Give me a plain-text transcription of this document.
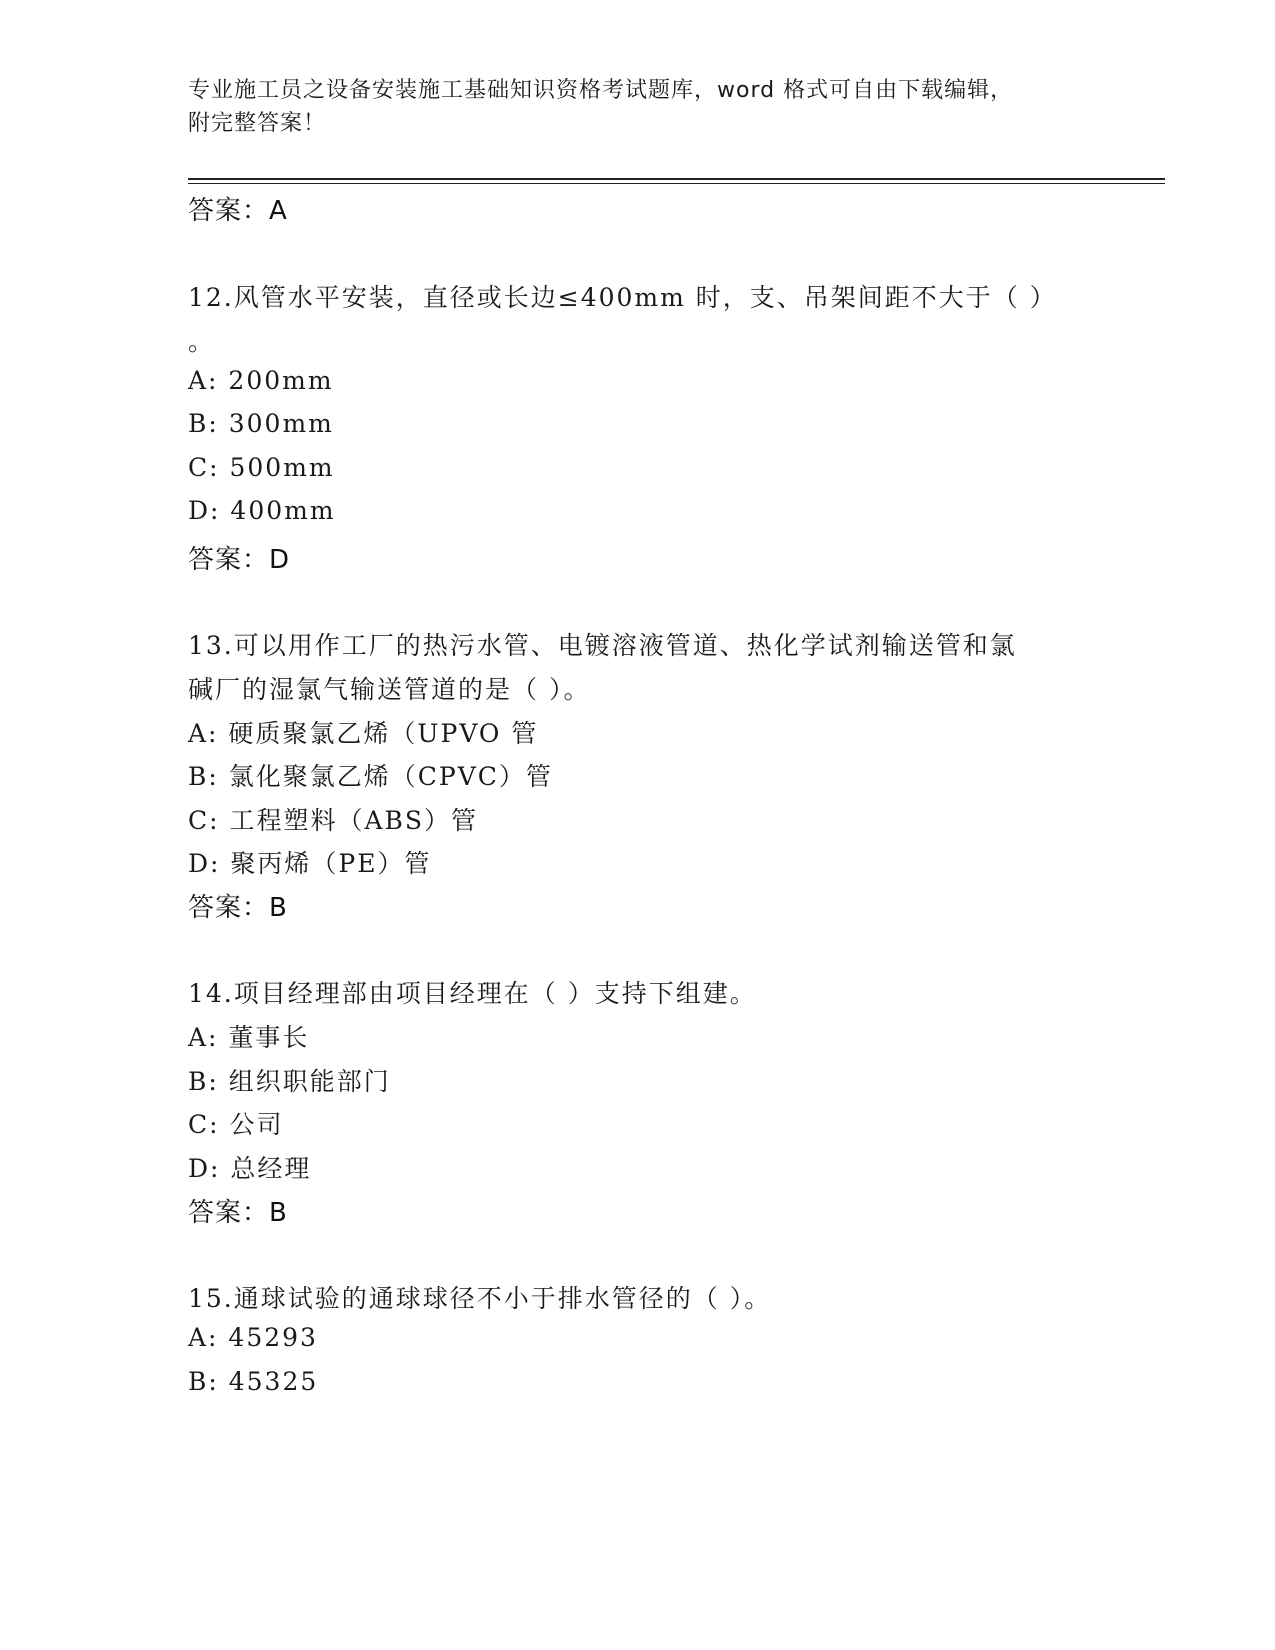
专业施工员之设备安装施工基础知识资格考试题库，word 格式可自由下载编辑，
附完整答案！
答案：A
12.风管水平安装，直径或长边≤400mm 时，支、吊架间距不大于（ ）
。
A: 200mm
B: 300mm
C: 500mm
D: 400mm
答案：D
13.可以用作工厂的热污水管、电镀溶液管道、热化学试剂输送管和氯
碱厂的湿氯气输送管道的是（ ）。
A: 硬质聚氯乙烯（UPVO 管
B: 氯化聚氯乙烯（CPVC）管
C: 工程塑料（ABS）管
D: 聚丙烯（PE）管
答案：B
14.项目经理部由项目经理在（ ）支持下组建。
A: 董事长
B: 组织职能部门
C: 公司
D: 总经理
答案：B
15.通球试验的通球球径不小于排水管径的（ ）。
A: 45293
B: 45325
